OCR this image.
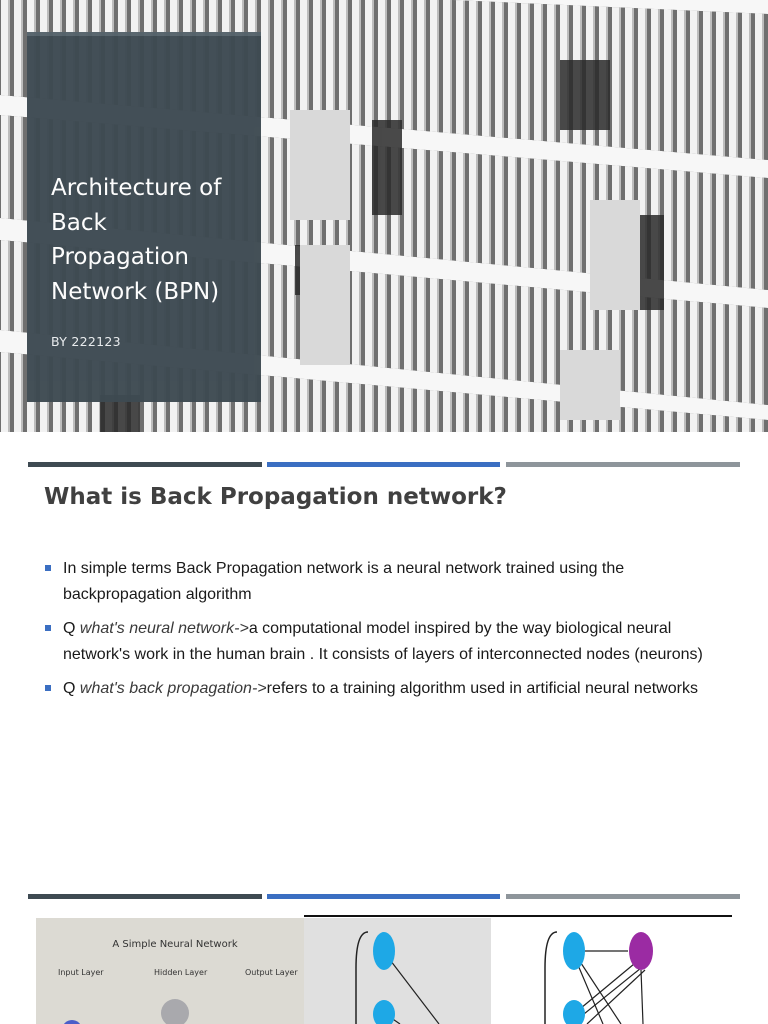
Architecture of Back Propagation Network (BPN)
BY 222123
What is Back Propagation network?
In simple terms Back Propagation network is a neural network trained using the backpropagation algorithm
Q what's neural network->a computational model inspired by the way biological neural network's work in the human brain . It consists of layers of interconnected nodes (neurons)
Q what's back propagation->refers to a training algorithm used in artificial neural networks
A Simple Neural Network
Input Layer	Hidden Layer	Output Layer
